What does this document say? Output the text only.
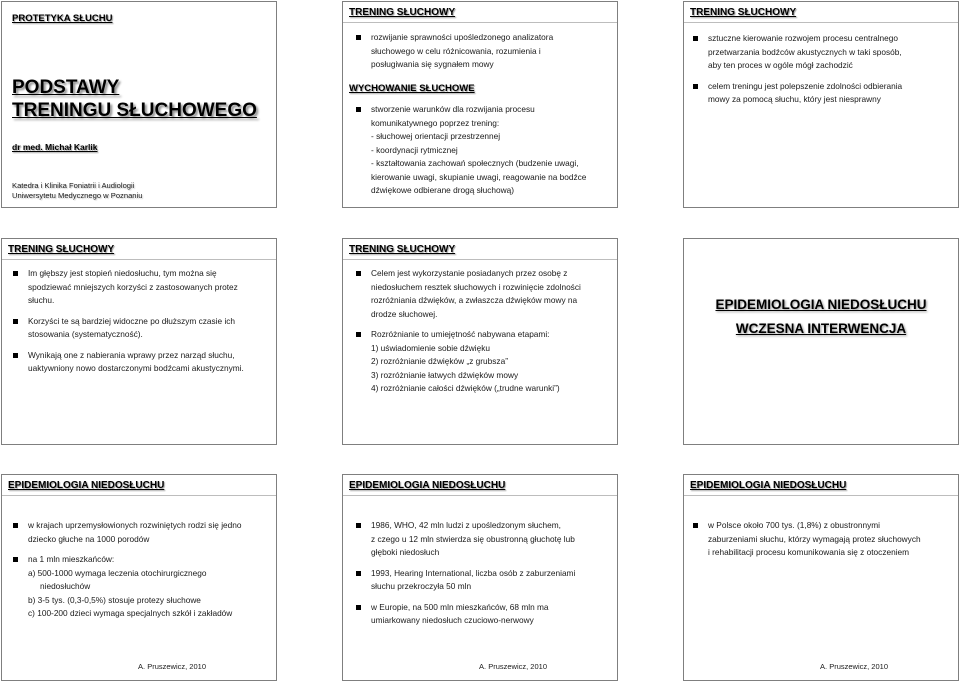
PROTETYKA SŁUCHU
PODSTAWY
TRENINGU SŁUCHOWEGO
dr med. Michał Karlik
Katedra i Klinika Foniatrii i Audiologii
Uniwersytetu Medycznego w Poznaniu
TRENING SŁUCHOWY
rozwijanie sprawności upośledzonego analizatora
słuchowego w celu różnicowania, rozumienia i
posługiwania się sygnałem mowy
WYCHOWANIE SŁUCHOWE
stworzenie warunków dla rozwijania procesu
komunikatywnego poprzez trening:
- słuchowej orientacji przestrzennej
- koordynacji rytmicznej
- kształtowania zachowań społecznych (budzenie uwagi,
kierowanie uwagi, skupianie uwagi, reagowanie na bodźce
dźwiękowe odbierane drogą słuchową)
TRENING SŁUCHOWY
sztuczne kierowanie rozwojem procesu centralnego
przetwarzania bodźców akustycznych w taki sposób,
aby ten proces w ogóle mógł zachodzić
celem treningu jest polepszenie zdolności odbierania
mowy za pomocą słuchu, który jest niesprawny
TRENING SŁUCHOWY
Im głębszy jest stopień niedosłuchu, tym można się
spodziewać mniejszych korzyści z zastosowanych protez
słuchu.
Korzyści te są bardziej widoczne po dłuższym czasie ich
stosowania (systematyczność).
Wynikają one z nabierania wprawy przez narząd słuchu,
uaktywniony nowo dostarczonymi bodźcami akustycznymi.
TRENING SŁUCHOWY
Celem jest wykorzystanie posiadanych przez osobę z
niedosłuchem resztek słuchowych i rozwinięcie zdolności
rozróżniania dźwięków, a zwłaszcza dźwięków mowy na
drodze słuchowej.
Rozróżnianie to umiejętność nabywana etapami:
1) uświadomienie sobie dźwięku
2) rozróżnianie dźwięków „z grubsza”
3) rozróżnianie łatwych dźwięków mowy
4) rozróżnianie całości dźwięków („trudne warunki”)
EPIDEMIOLOGIA NIEDOSŁUCHU
WCZESNA INTERWENCJA
EPIDEMIOLOGIA NIEDOSŁUCHU
w krajach uprzemysłowionych rozwiniętych rodzi się jedno
dziecko głuche na 1000 porodów
na 1 mln mieszkańców:
a) 500-1000 wymaga leczenia otochirurgicznego
niedosłuchów
b) 3-5 tys. (0,3-0,5%) stosuje protezy słuchowe
c) 100-200 dzieci wymaga specjalnych szkół i zakładów
A. Pruszewicz, 2010
EPIDEMIOLOGIA NIEDOSŁUCHU
1986, WHO, 42 mln ludzi z upośledzonym słuchem,
z czego u 12 mln stwierdza się obustronną głuchotę lub
głęboki niedosłuch
1993, Hearing International, liczba osób z zaburzeniami
słuchu przekroczyła 50 mln
w Europie, na 500 mln mieszkańców, 68 mln ma
umiarkowany niedosłuch czuciowo-nerwowy
A. Pruszewicz, 2010
EPIDEMIOLOGIA NIEDOSŁUCHU
w Polsce około 700 tys. (1,8%) z obustronnymi
zaburzeniami słuchu, którzy wymagają protez słuchowych
i rehabilitacji procesu komunikowania się z otoczeniem
A. Pruszewicz, 2010
